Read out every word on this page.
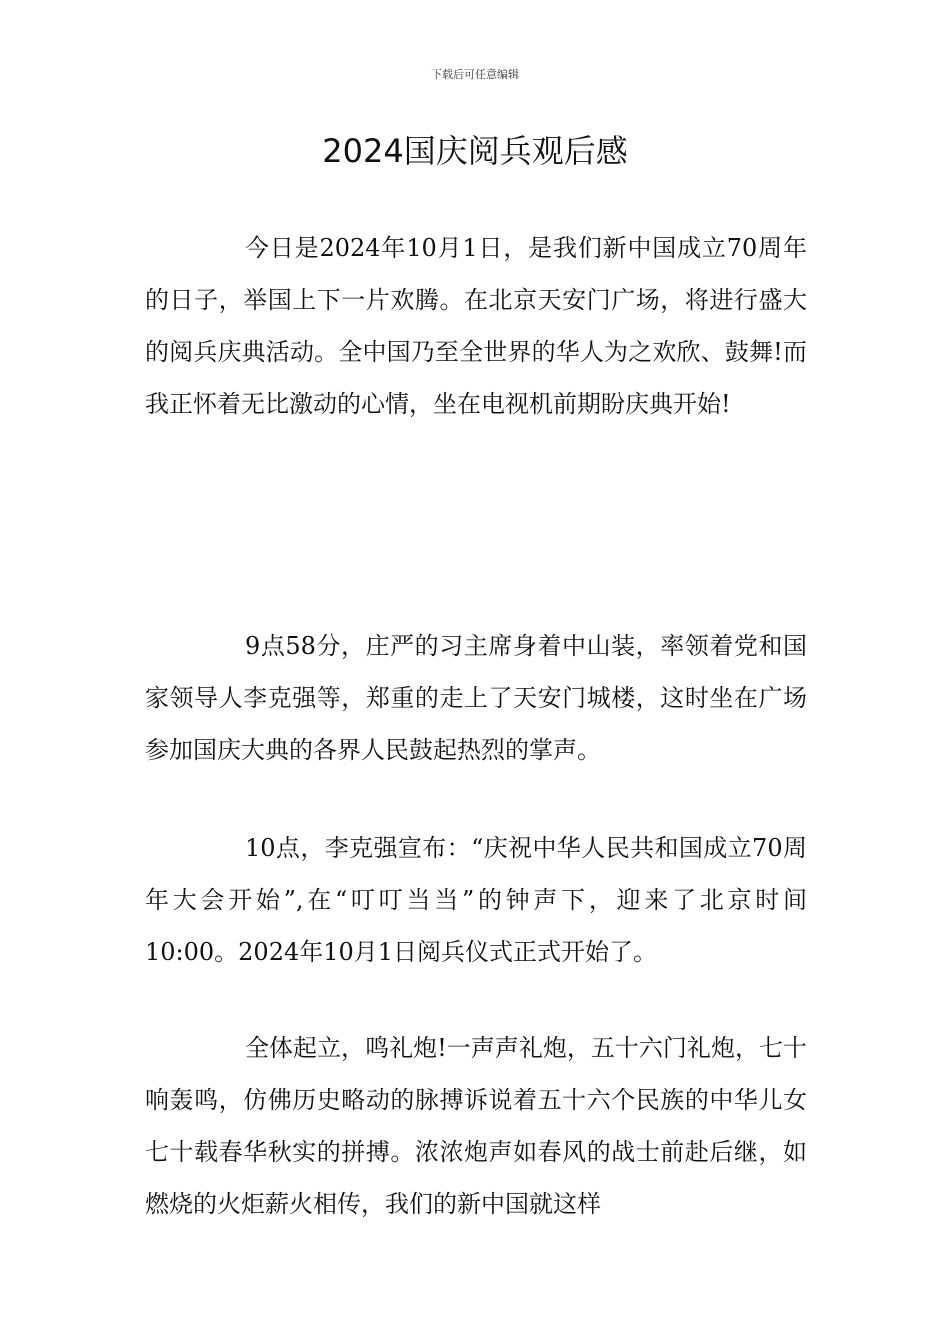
下载后可任意编辑
2024国庆阅兵观后感

今日是2024年10月1日，是我们新中国成立70周年的日子，举国上下一片欢腾。在北京天安门广场，将进行盛大的阅兵庆典活动。全中国乃至全世界的华人为之欢欣、鼓舞!而我正怀着无比激动的心情，坐在电视机前期盼庆典开始!

9点58分，庄严的习主席身着中山装，率领着党和国家领导人李克强等，郑重的走上了天安门城楼，这时坐在广场参加国庆大典的各界人民鼓起热烈的掌声。

10点，李克强宣布：“庆祝中华人民共和国成立70周年大会开始”,在“叮叮当当”的钟声下，迎来了北京时间10:00。2024年10月1日阅兵仪式正式开始了。

全体起立，鸣礼炮!一声声礼炮，五十六门礼炮，七十响轰鸣，仿佛历史略动的脉搏诉说着五十六个民族的中华儿女七十载春华秋实的拼搏。浓浓炮声如春风的战士前赴后继，如燃烧的火炬薪火相传，我们的新中国就这样
